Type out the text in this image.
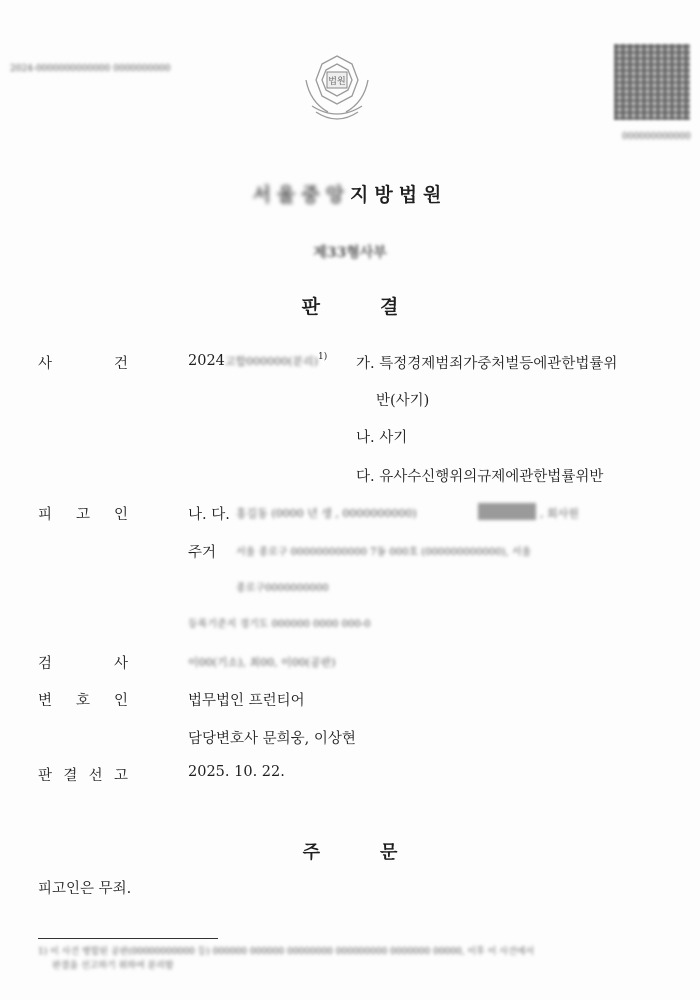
2024-0000000000000 0000000000
법원
000000000000
서울중앙지방법원
제33형사부
판결
사	건	2024고합000000(분리)$^{1)}$ 가. 특정경제범죄가중처벌등에관한법률위
반(사기)
나. 사기
다. 유사수신행위의규제에관한법률위반
피 고 인	나. 다. 홍길동 (0000 년 생 , 0000000000)	, 회사원
주거 서울 종로구 000000000000 7동 000호 (000000000000), 서울
종로구0000000000
등록기준지 경기도 000000 0000 000-0
검	사	이00(기소), 최00, 이00(공판)
변 호 인	법무법인 프런티어
담당변호사 문희웅, 이상현
판 결 선 고	2025. 10. 22.
주문
피고인은 무죄.
1) 이 사건 병합된 공판(00000000000 등) 000000 000000 00000000 000000000 0000000 00000, 이후 이 사건에서
판결을 선고하기 위하여 분리함
